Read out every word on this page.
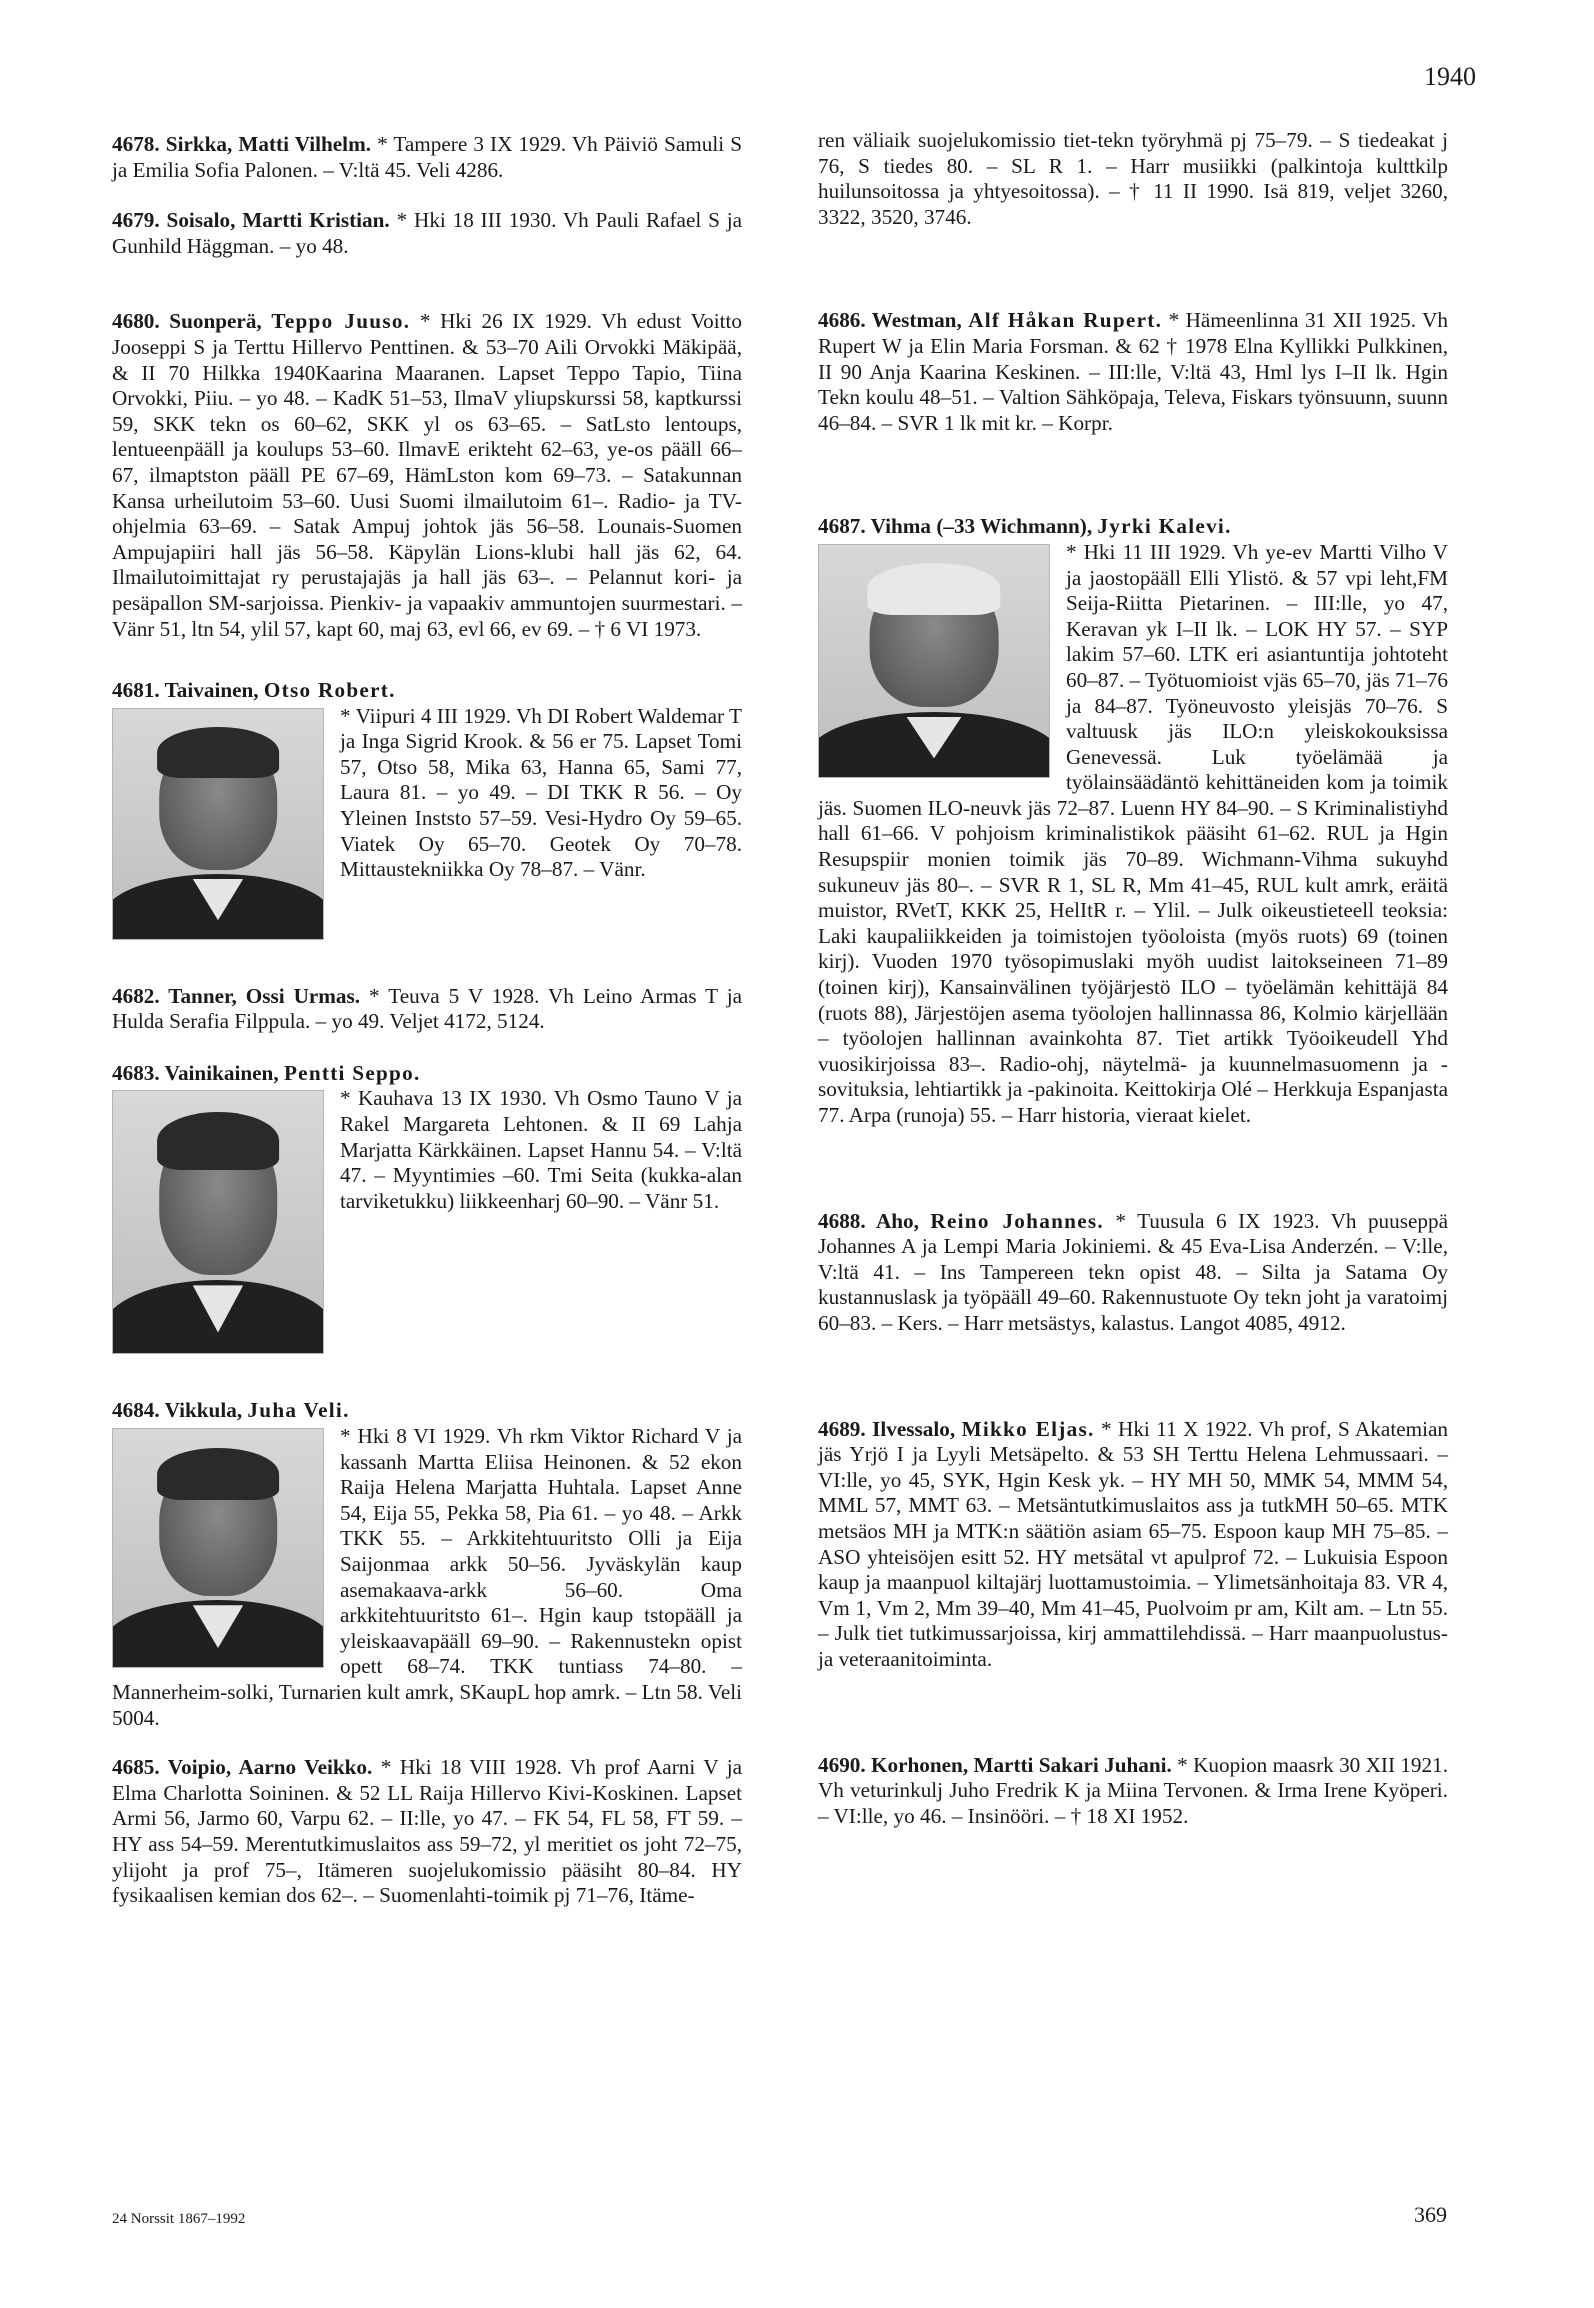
1940

4678. Sirkka, Matti Vilhelm. * Tampere 3 IX 1929. Vh Päiviö Samuli S ja Emilia Sofia Palonen. – V:ltä 45. Veli 4286.

4679. Soisalo, Martti Kristian. * Hki 18 III 1930. Vh Pauli Rafael S ja Gunhild Häggman. – yo 48.

4680. Suonperä, Teppo Juuso. * Hki 26 IX 1929. Vh edust Voitto Jooseppi S ja Terttu Hillervo Penttinen. & 53–70 Aili Orvokki Mäkipää, & II 70 Hilkka 1940Kaarina Maaranen. Lapset Teppo Tapio, Tiina Orvokki, Piiu. – yo 48. – KadK 51–53, IlmaV yliupskurssi 58, kaptkurssi 59, SKK tekn os 60–62, SKK yl os 63–65. – SatLsto lentoups, lentueenpääll ja koulups 53–60. IlmavE erikteht 62–63, ye-os pääll 66–67, ilmaptston pääll PE 67–69, HämLston kom 69–73. – Satakunnan Kansa urheilutoim 53–60. Uusi Suomi ilmailutoim 61–. Radio- ja TV-ohjelmia 63–69. – Satak Ampuj johtok jäs 56–58. Lounais-Suomen Ampujapiiri hall jäs 56–58. Käpylän Lions-klubi hall jäs 62, 64. Ilmailutoimittajat ry perustajajäs ja hall jäs 63–. – Pelannut kori- ja pesäpallon SM-sarjoissa. Pienkiv- ja vapaakiv ammuntojen suurmestari. – Vänr 51, ltn 54, ylil 57, kapt 60, maj 63, evl 66, ev 69. – † 6 VI 1973.

4681. Taivainen, Otso Robert.
* Viipuri 4 III 1929. Vh DI Robert Waldemar T ja Inga Sigrid Krook. & 56 er 75. Lapset Tomi 57, Otso 58, Mika 63, Hanna 65, Sami 77, Laura 81. – yo 49. – DI TKK R 56. – Oy Yleinen Inststo 57–59. Vesi-Hydro Oy 59–65. Viatek Oy 65–70. Geotek Oy 70–78. Mittaustekniikka Oy 78–87. – Vänr.

4682. Tanner, Ossi Urmas. * Teuva 5 V 1928. Vh Leino Armas T ja Hulda Serafia Filppula. – yo 49. Veljet 4172, 5124.

4683. Vainikainen, Pentti Seppo.
* Kauhava 13 IX 1930. Vh Osmo Tauno V ja Rakel Margareta Lehtonen. & II 69 Lahja Marjatta Kärkkäinen. Lapset Hannu 54. – V:ltä 47. – Myyntimies –60. Tmi Seita (kukka-alan tarviketukku) liikkeenharj 60–90. – Vänr 51.
4684. Vikkula, Juha Veli.
* Hki 8 VI 1929. Vh rkm Viktor Richard V ja kassanh Martta Eliisa Heinonen. & 52 ekon Raija Helena Marjatta Huhtala. Lapset Anne 54, Eija 55, Pekka 58, Pia 61. – yo 48. – Arkk TKK 55. – Arkkitehtuuritsto Olli ja Eija Saijonmaa arkk 50–56. Jyväskylän kaup asemakaava-arkk 56–60. Oma arkkitehtuuritsto 61–. Hgin kaup tstopääll ja yleiskaavapääll 69–90. – Rakennustekn opist opett 68–74. TKK tuntiass 74–80. – Mannerheim-solki, Turnarien kult amrk, SKaupL hop amrk. – Ltn 58. Veli 5004.

4685. Voipio, Aarno Veikko. * Hki 18 VIII 1928. Vh prof Aarni V ja Elma Charlotta Soininen. & 52 LL Raija Hillervo Kivi-Koskinen. Lapset Armi 56, Jarmo 60, Varpu 62. – II:lle, yo 47. – FK 54, FL 58, FT 59. – HY ass 54–59. Merentutkimuslaitos ass 59–72, yl meritiet os joht 72–75, ylijoht ja prof 75–, Itämeren suojelukomissio pääsiht 80–84. HY fysikaalisen kemian dos 62–. – Suomenlahti-toimik pj 71–76, Itäme-

ren väliaik suojelukomissio tiet-tekn työryhmä pj 75–79. – S tiedeakat j 76, S tiedes 80. – SL R 1. – Harr musiikki (palkintoja kulttkilp huilunsoitossa ja yhtyesoitossa). – † 11 II 1990. Isä 819, veljet 3260, 3322, 3520, 3746.

4686. Westman, Alf Håkan Rupert. * Hämeenlinna 31 XII 1925. Vh Rupert W ja Elin Maria Forsman. & 62 † 1978 Elna Kyllikki Pulkkinen, II 90 Anja Kaarina Keskinen. – III:lle, V:ltä 43, Hml lys I–II lk. Hgin Tekn koulu 48–51. – Valtion Sähköpaja, Televa, Fiskars työnsuunn, suunn 46–84. – SVR 1 lk mit kr. – Korpr.

4687. Vihma (–33 Wichmann), Jyrki Kalevi.
* Hki 11 III 1929. Vh ye-ev Martti Vilho V ja jaostopääll Elli Ylistö. & 57 vpi leht,FM Seija-Riitta Pietarinen. – III:lle, yo 47, Keravan yk I–II lk. – LOK HY 57. – SYP lakim 57–60. LTK eri asiantuntija johtoteht 60–87. – Työtuomioist vjäs 65–70, jäs 71–76 ja 84–87. Työneuvosto yleisjäs 70–76. S valtuusk jäs ILO:n yleiskokouksissa Genevessä. Luk työelämää ja työlainsäädäntö kehittäneiden kom ja toimik jäs. Suomen ILO-neuvk jäs 72–87. Luenn HY 84–90. – S Kriminalistiyhd hall 61–66. V pohjoism kriminalistikok pääsiht 61–62. RUL ja Hgin Resupspiir monien toimik jäs 70–89. Wichmann-Vihma sukuyhd sukuneuv jäs 80–. – SVR R 1, SL R, Mm 41–45, RUL kult amrk, eräitä muistor, RVetT, KKK 25, HelItR r. – Ylil. – Julk oikeustieteell teoksia: Laki kaupaliikkeiden ja toimistojen työoloista (myös ruots) 69 (toinen kirj). Vuoden 1970 työsopimuslaki myöh uudist laitokseineen 71–89 (toinen kirj), Kansainvälinen työjärjestö ILO – työelämän kehittäjä 84 (ruots 88), Järjestöjen asema työolojen hallinnassa 86, Kolmio kärjellään – työolojen hallinnan avainkohta 87. Tiet artikk Työoikeudell Yhd vuosikirjoissa 83–. Radio-ohj, näytelmä- ja kuunnelmasuomenn ja -sovituksia, lehtiartikk ja -pakinoita. Keittokirja Olé – Herkkuja Espanjasta 77. Arpa (runoja) 55. – Harr historia, vieraat kielet.

4688. Aho, Reino Johannes. * Tuusula 6 IX 1923. Vh puuseppä Johannes A ja Lempi Maria Jokiniemi. & 45 Eva-Lisa Anderzén. – V:lle, V:ltä 41. – Ins Tampereen tekn opist 48. – Silta ja Satama Oy kustannuslask ja työpääll 49–60. Rakennustuote Oy tekn joht ja varatoimj 60–83. – Kers. – Harr metsästys, kalastus. Langot 4085, 4912.

4689. Ilvessalo, Mikko Eljas. * Hki 11 X 1922. Vh prof, S Akatemian jäs Yrjö I ja Lyyli Metsäpelto. & 53 SH Terttu Helena Lehmussaari. – VI:lle, yo 45, SYK, Hgin Kesk yk. – HY MH 50, MMK 54, MMM 54, MML 57, MMT 63. – Metsäntutkimuslaitos ass ja tutkMH 50–65. MTK metsäos MH ja MTK:n säätiön asiam 65–75. Espoon kaup MH 75–85. – ASO yhteisöjen esitt 52. HY metsätal vt apulprof 72. – Lukuisia Espoon kaup ja maanpuol kiltajärj luottamustoimia. – Ylimetsänhoitaja 83. VR 4, Vm 1, Vm 2, Mm 39–40, Mm 41–45, Puolvoim pr am, Kilt am. – Ltn 55. – Julk tiet tutkimussarjoissa, kirj ammattilehdissä. – Harr maanpuolustus- ja veteraanitoiminta.

4690. Korhonen, Martti Sakari Juhani. * Kuopion maasrk 30 XII 1921. Vh veturinkulj Juho Fredrik K ja Miina Tervonen. & Irma Irene Kyöperi. – VI:lle, yo 46. – Insinööri. – † 18 XI 1952.

24 Norssit 1867–1992	369
